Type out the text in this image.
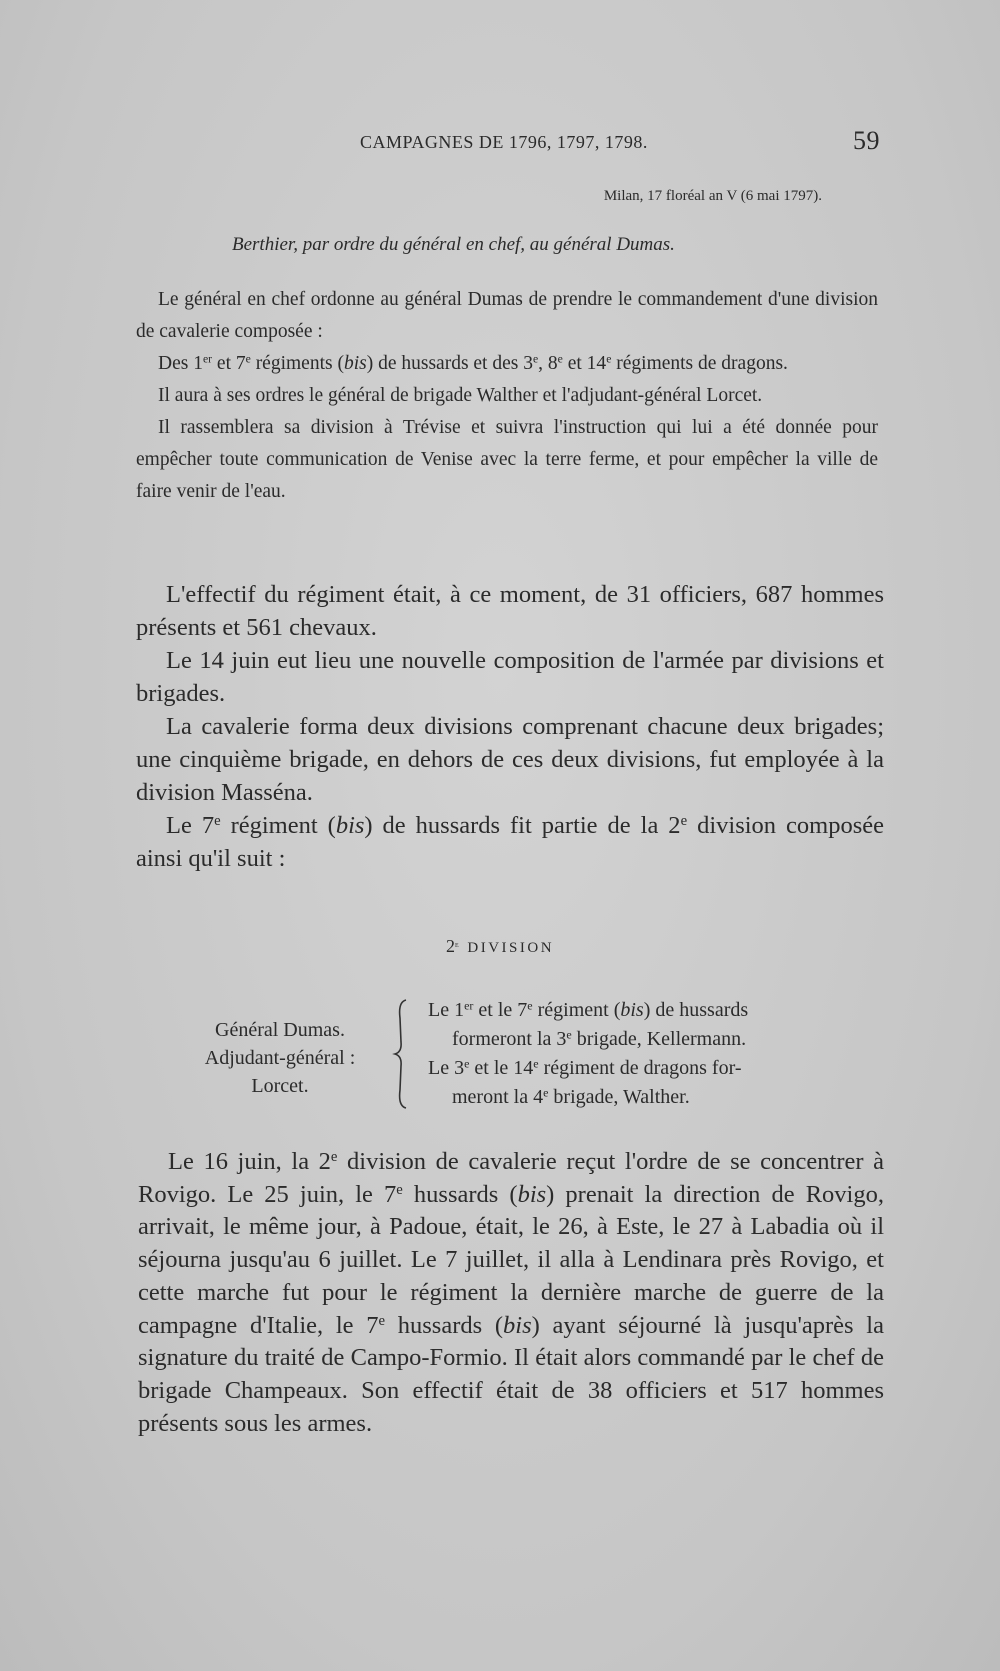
CAMPAGNES DE 1796, 1797, 1798.	59
Milan, 17 floréal an V (6 mai 1797).
Berthier, par ordre du général en chef, au général Dumas.

Le général en chef ordonne au général Dumas de prendre le commandement d'une division de cavalerie composée :

Des 1er et 7e régiments (bis) de hussards et des 3e, 8e et 14e régiments de dragons.

Il aura à ses ordres le général de brigade Walther et l'adjudant-général Lorcet.

Il rassemblera sa division à Trévise et suivra l'instruction qui lui a été donnée pour empêcher toute communication de Venise avec la terre ferme, et pour empêcher la ville de faire venir de l'eau.

L'effectif du régiment était, à ce moment, de 31 officiers, 687 hommes présents et 561 chevaux.

Le 14 juin eut lieu une nouvelle composition de l'armée par divisions et brigades.

La cavalerie forma deux divisions comprenant chacune deux brigades; une cinquième brigade, en dehors de ces deux divisions, fut employée à la division Masséna.

Le 7e régiment (bis) de hussards fit partie de la 2e division composée ainsi qu'il suit :

2e DIVISION
Général Dumas.
Adjudant-général :
Lorcet.
Le 1er et le 7e régiment (bis) de hussards
formeront la 3e brigade, Kellermann.
Le 3e et le 14e régiment de dragons for-
meront la 4e brigade, Walther.

Le 16 juin, la 2e division de cavalerie reçut l'ordre de se concentrer à Rovigo. Le 25 juin, le 7e hussards (bis) prenait la direction de Rovigo, arrivait, le même jour, à Padoue, était, le 26, à Este, le 27 à Labadia où il séjourna jusqu'au 6 juillet. Le 7 juillet, il alla à Lendinara près Rovigo, et cette marche fut pour le régiment la dernière marche de guerre de la campagne d'Italie, le 7e hussards (bis) ayant séjourné là jusqu'après la signature du traité de Campo-Formio. Il était alors commandé par le chef de brigade Champeaux. Son effectif était de 38 officiers et 517 hommes présents sous les armes.
